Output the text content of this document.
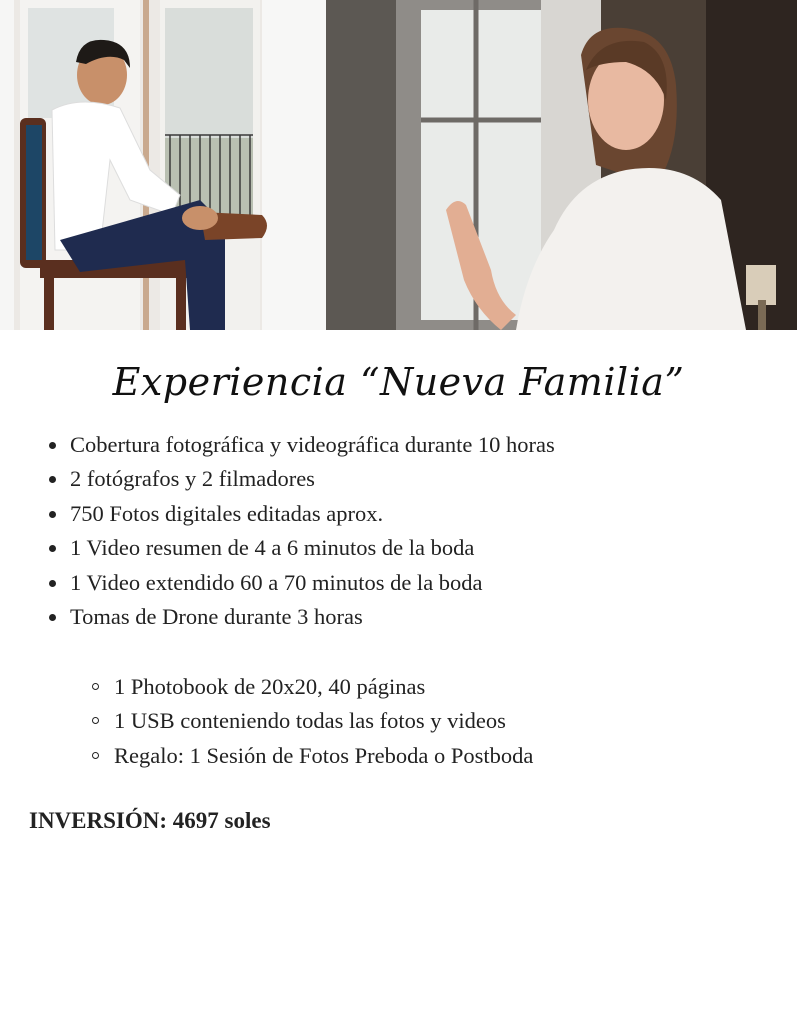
Experiencia “Nueva Familia”
Cobertura fotográfica y videográfica durante 10 horas
2 fotógrafos y 2 filmadores
750 Fotos digitales editadas aprox.
1 Video resumen de 4 a 6 minutos de la boda
1 Video extendido 60 a 70 minutos de la boda
Tomas de Drone durante 3 horas
1 Photobook de 20x20, 40 páginas
1 USB conteniendo todas las fotos y videos
Regalo: 1 Sesión de Fotos Preboda o Postboda
INVERSIÓN: 4697 soles
